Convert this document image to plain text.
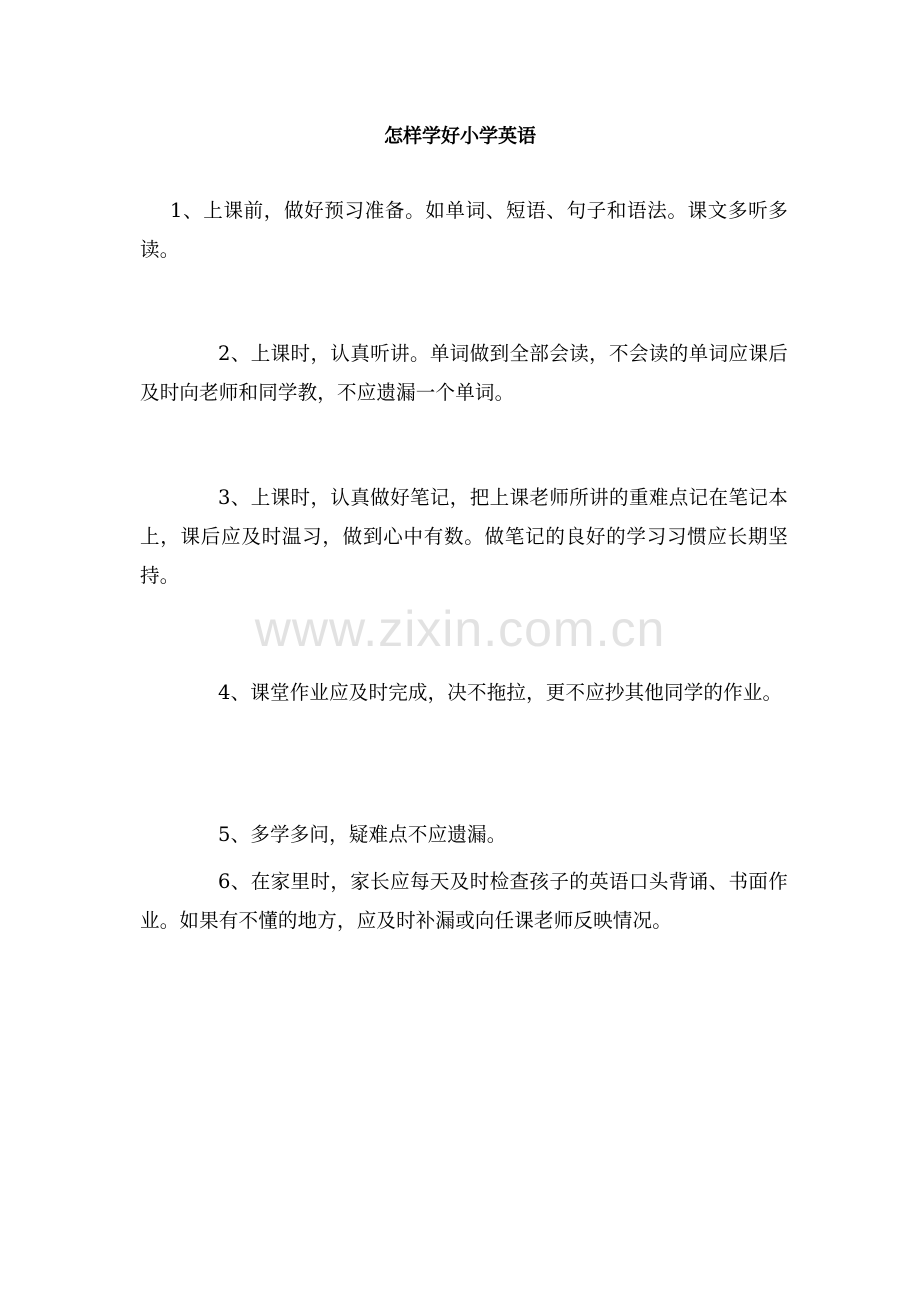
怎样学好小学英语
1、上课前，做好预习准备。如单词、短语、句子和语法。课文多听多读。
2、上课时，认真听讲。单词做到全部会读，不会读的单词应课后及时向老师和同学教，不应遗漏一个单词。
3、上课时，认真做好笔记，把上课老师所讲的重难点记在笔记本上，课后应及时温习，做到心中有数。做笔记的良好的学习习惯应长期坚持。
4、课堂作业应及时完成，决不拖拉，更不应抄其他同学的作业。
5、多学多问，疑难点不应遗漏。
6、在家里时，家长应每天及时检查孩子的英语口头背诵、书面作业。如果有不懂的地方，应及时补漏或向任课老师反映情况。
www.zixin.com.cn
